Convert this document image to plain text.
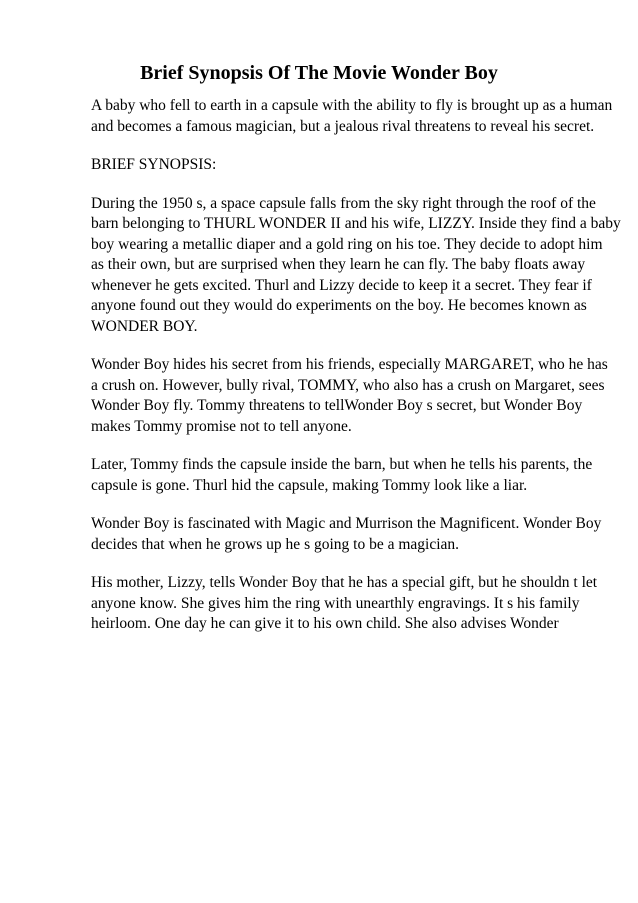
Brief Synopsis Of The Movie Wonder Boy

A baby who fell to earth in a capsule with the ability to fly is brought up as a human
and becomes a famous magician, but a jealous rival threatens to reveal his secret.

BRIEF SYNOPSIS:

During the 1950 s, a space capsule falls from the sky right through the roof of the
barn belonging to THURL WONDER II and his wife, LIZZY. Inside they find a baby
boy wearing a metallic diaper and a gold ring on his toe. They decide to adopt him
as their own, but are surprised when they learn he can fly. The baby floats away
whenever he gets excited. Thurl and Lizzy decide to keep it a secret. They fear if
anyone found out they would do experiments on the boy. He becomes known as
WONDER BOY.

Wonder Boy hides his secret from his friends, especially MARGARET, who he has
a crush on. However, bully rival, TOMMY, who also has a crush on Margaret, sees
Wonder Boy fly. Tommy threatens to tellWonder Boy s secret, but Wonder Boy
makes Tommy promise not to tell anyone.

Later, Tommy finds the capsule inside the barn, but when he tells his parents, the
capsule is gone. Thurl hid the capsule, making Tommy look like a liar.

Wonder Boy is fascinated with Magic and Murrison the Magnificent. Wonder Boy
decides that when he grows up he s going to be a magician.

His mother, Lizzy, tells Wonder Boy that he has a special gift, but he shouldn t let
anyone know. She gives him the ring with unearthly engravings. It s his family
heirloom. One day he can give it to his own child. She also advises Wonder
